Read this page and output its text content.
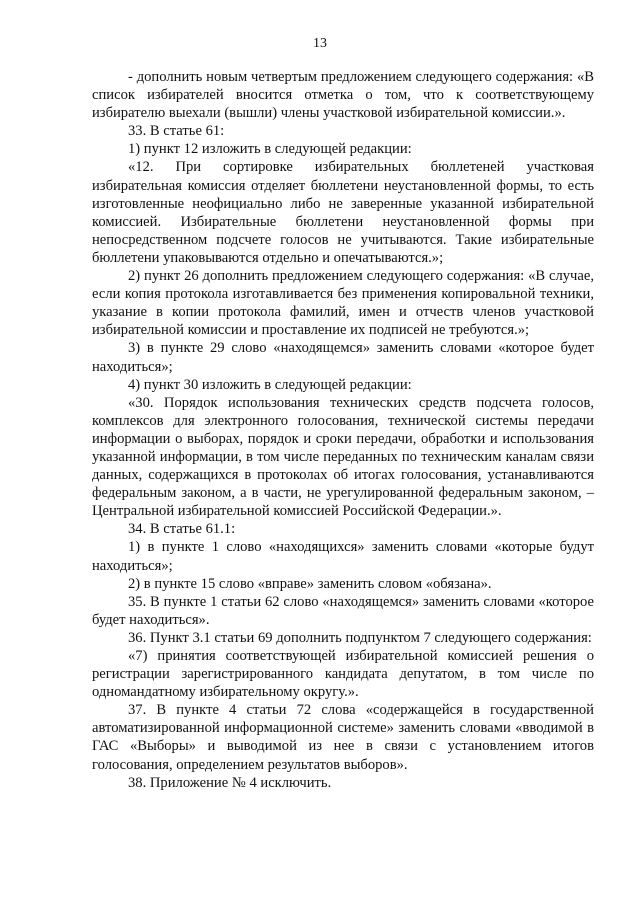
13

- дополнить новым четвертым предложением следующего содержания: «В список избирателей вносится отметка о том, что к соответствующему избирателю выехали (вышли) члены участковой избирательной комиссии.».

33. В статье 61:

1) пункт 12 изложить в следующей редакции:

«12. При сортировке избирательных бюллетеней участковая избирательная комиссия отделяет бюллетени неустановленной формы, то есть изготовленные неофициально либо не заверенные указанной избирательной комиссией. Избирательные бюллетени неустановленной формы при непосредственном подсчете голосов не учитываются. Такие избирательные бюллетени упаковываются отдельно и опечатываются.»;

2) пункт 26 дополнить предложением следующего содержания: «В случае, если копия протокола изготавливается без применения копировальной техники, указание в копии протокола фамилий, имен и отчеств членов участковой избирательной комиссии и проставление их подписей не требуются.»;

3) в пункте 29 слово «находящемся» заменить словами «которое будет находиться»;

4) пункт 30 изложить в следующей редакции:

«30. Порядок использования технических средств подсчета голосов, комплексов для электронного голосования, технической системы передачи информации о выборах, порядок и сроки передачи, обработки и использования указанной информации, в том числе переданных по техническим каналам связи данных, содержащихся в протоколах об итогах голосования, устанавливаются федеральным законом, а в части, не урегулированной федеральным законом, – Центральной избирательной комиссией Российской Федерации.».

34. В статье 61.1:

1) в пункте 1 слово «находящихся» заменить словами «которые будут находиться»;

2) в пункте 15 слово «вправе» заменить словом «обязана».

35. В пункте 1 статьи 62 слово «находящемся» заменить словами «которое будет находиться».

36. Пункт 3.1 статьи 69 дополнить подпунктом 7 следующего содержания:

«7) принятия соответствующей избирательной комиссией решения о регистрации зарегистрированного кандидата депутатом, в том числе по одномандатному избирательному округу.».

37. В пункте 4 статьи 72 слова «содержащейся в государственной автоматизированной информационной системе» заменить словами «вводимой в ГАС «Выборы» и выводимой из нее в связи с установлением итогов голосования, определением результатов выборов».

38. Приложение № 4 исключить.
